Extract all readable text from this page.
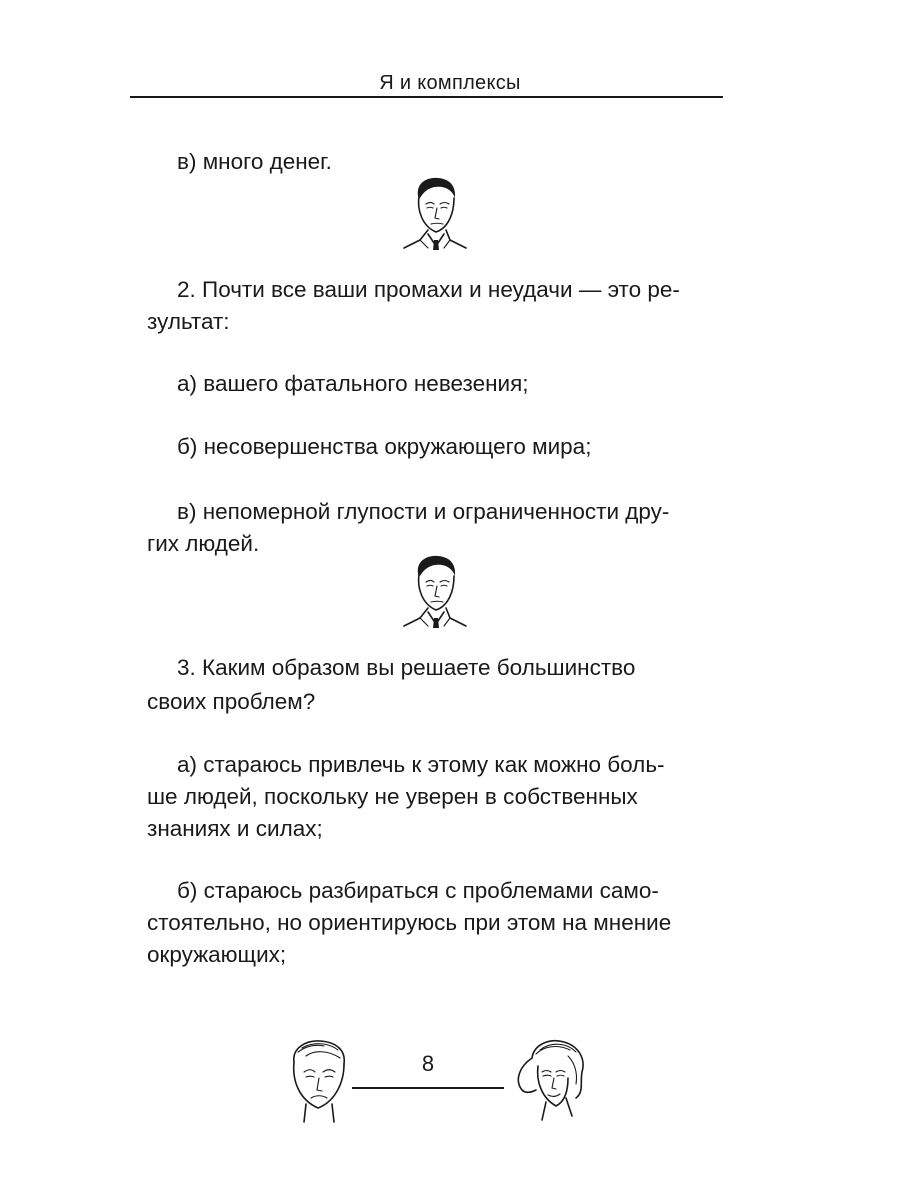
Я и комплексы

в) много денег.

2. Почти все ваши промахи и неудачи — это ре-

зультат:

а) вашего фатального невезения;

б) несовершенства окружающего мира;

в) непомерной глупости и ограниченности дру-

гих людей.

3. Каким образом вы решаете большинство

своих проблем?

а) стараюсь привлечь к этому как можно боль-

ше людей, поскольку не уверен в собственных

знаниях и силах;

б) стараюсь разбираться с проблемами само-

стоятельно, но ориентируюсь при этом на мнение

окружающих;

8
